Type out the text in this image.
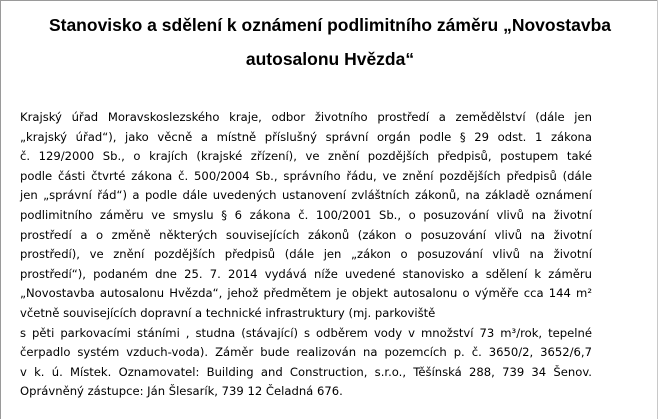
Stanovisko a sdělení k oznámení podlimitního záměru „Novostavba
autosalonu Hvězda“

Krajský úřad Moravskoslezského kraje, odbor životního prostředí a zemědělství (dále jen
„krajský úřad“), jako věcně a místně příslušný správní orgán podle § 29 odst. 1 zákona
č. 129/2000 Sb., o krajích (krajské zřízení), ve znění pozdějších předpisů, postupem také
podle části čtvrté zákona č. 500/2004 Sb., správního řádu, ve znění pozdějších předpisů (dále
jen „správní řád“) a podle dále uvedených ustanovení zvláštních zákonů, na základě oznámení
podlimitního záměru ve smyslu § 6 zákona č. 100/2001 Sb., o posuzování vlivů na životní
prostředí a o změně některých souvisejících zákonů (zákon o posuzování vlivů na životní
prostředí), ve znění pozdějších předpisů (dále jen „zákon o posuzování vlivů na životní
prostředí“), podaném dne 25. 7. 2014 vydává níže uvedené stanovisko a sdělení k záměru
„Novostavba autosalonu Hvězda“, jehož předmětem je objekt autosalonu o výměře cca 144 m²
včetně souvisejících dopravní a technické infrastruktury (mj. parkoviště
s pěti parkovacími stáními , studna (stávající) s odběrem vody v množství 73 m³/rok, tepelné
čerpadlo systém vzduch-voda). Záměr bude realizován na pozemcích p. č. 3650/2, 3652/6,7
v k. ú. Místek. Oznamovatel: Building and Construction, s.r.o., Těšínská 288, 739 34 Šenov.
Oprávněný zástupce: Ján Šlesarík, 739 12 Čeladná 676.
